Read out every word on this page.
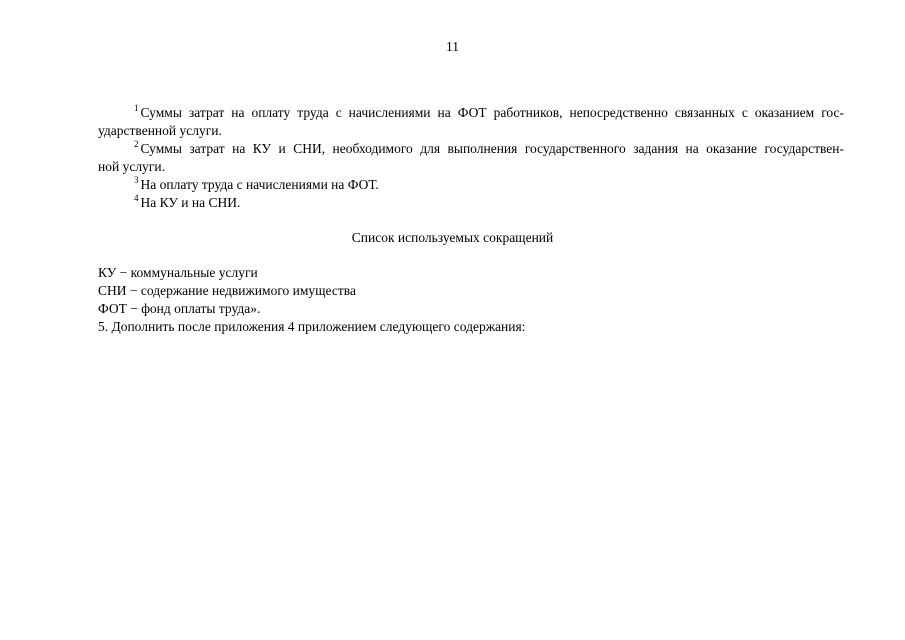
11
$^1$ Суммы затрат на оплату труда с начислениями на ФОТ работников, непосредственно связанных с оказанием гос-
ударственной услуги.
$^2$ Суммы затрат на КУ и СНИ, необходимого для выполнения государственного задания на оказание государствен-
ной услуги.
$^3$ На оплату труда с начислениями на ФОТ.
$^4$ На КУ и на СНИ.
Список используемых сокращений
КУ − коммунальные услуги
СНИ − содержание недвижимого имущества
ФОТ − фонд оплаты труда».
5. Дополнить после приложения 4 приложением следующего содержания:
